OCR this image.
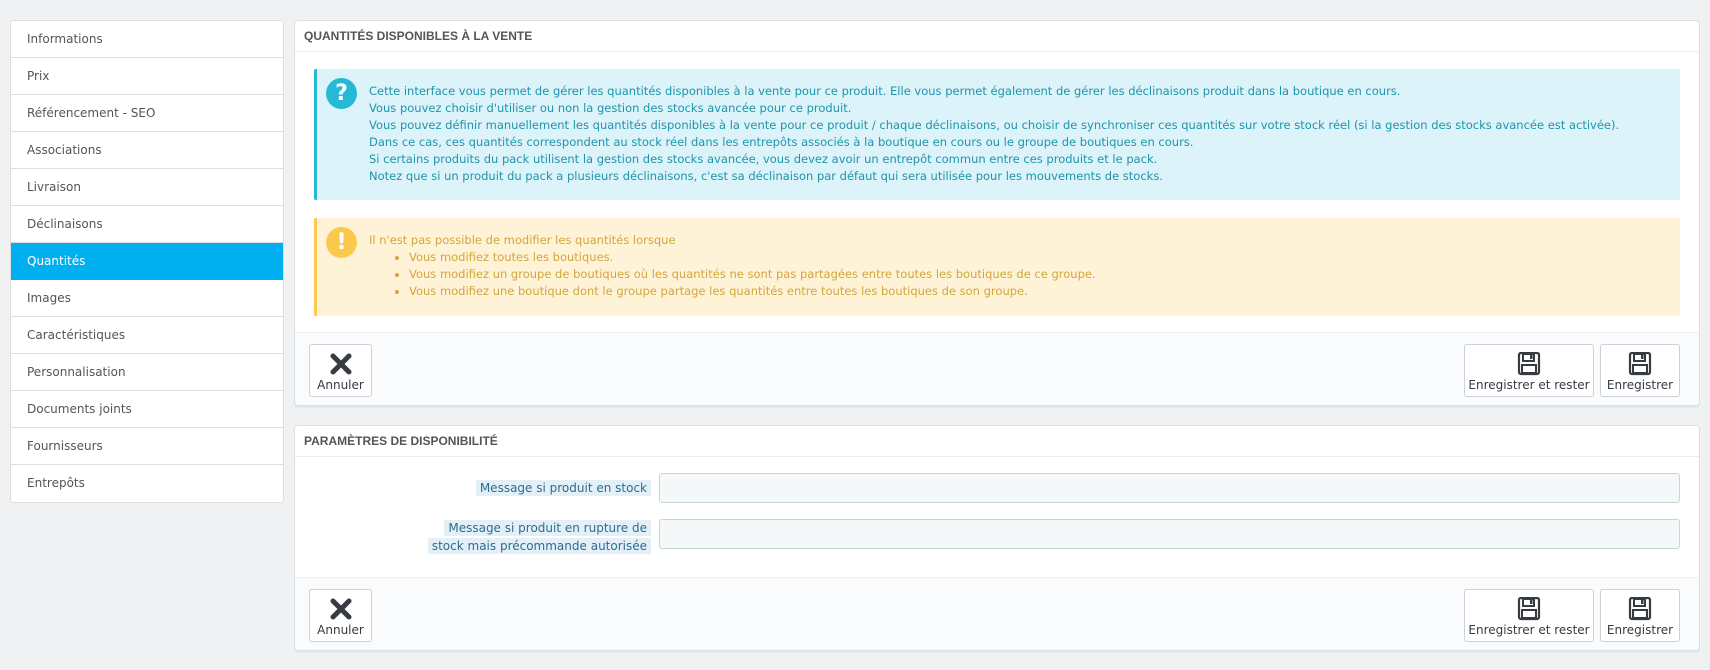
Informations
Prix
Référencement - SEO
Associations
Livraison
Déclinaisons
Quantités
Images
Caractéristiques
Personnalisation
Documents joints
Fournisseurs
Entrepôts
QUANTITÉS DISPONIBLES À LA VENTE
?	Cette interface vous permet de gérer les quantités disponibles à la vente pour ce produit. Elle vous permet également de gérer les déclinaisons produit dans la boutique en cours.

Vous pouvez choisir d'utiliser ou non la gestion des stocks avancée pour ce produit.

Vous pouvez définir manuellement les quantités disponibles à la vente pour ce produit / chaque déclinaisons, ou choisir de synchroniser ces quantités sur votre stock réel (si la gestion des stocks avancée est activée).

Dans ce cas, ces quantités correspondent au stock réel dans les entrepôts associés à la boutique en cours ou le groupe de boutiques en cours.

Si certains produits du pack utilisent la gestion des stocks avancée, vous devez avoir un entrepôt commun entre ces produits et le pack.

Notez que si un produit du pack a plusieurs déclinaisons, c'est sa déclinaison par défaut qui sera utilisée pour les mouvements de stocks.

!	Il n'est pas possible de modifier les quantités lorsque

• Vous modifiez toutes les boutiques.
• Vous modifiez un groupe de boutiques où les quantités ne sont pas partagées entre toutes les boutiques de ce groupe.
• Vous modifiez une boutique dont le groupe partage les quantités entre toutes les boutiques de son groupe.
Annuler	Enregistrer et rester	Enregistrer
PARAMÈTRES DE DISPONIBILITÉ
Message si produit en stock
Message si produit en rupture de
stock mais précommande autorisée
Annuler	Enregistrer et rester	Enregistrer
